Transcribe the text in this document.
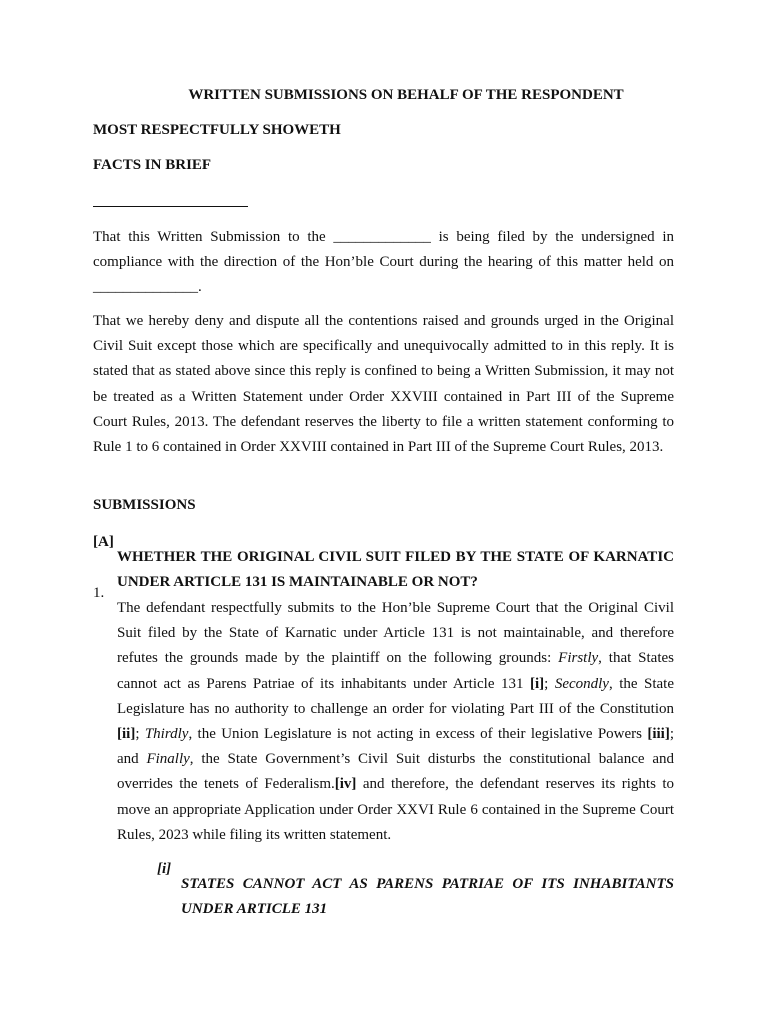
WRITTEN SUBMISSIONS ON BEHALF OF THE RESPONDENT
MOST RESPECTFULLY SHOWETH
FACTS IN BRIEF

That this Written Submission to the _____________ is being filed by the undersigned in compliance with the direction of the Hon’ble Court during the hearing of this matter held on ______________.

That we hereby deny and dispute all the contentions raised and grounds urged in the Original Civil Suit except those which are specifically and unequivocally admitted to in this reply. It is stated that as stated above since this reply is confined to being a Written Submission, it may not be treated as a Written Statement under Order XXVIII contained in Part III of the Supreme Court Rules, 2013. The defendant reserves the liberty to file a written statement conforming to Rule 1 to 6 contained in Order XXVIII contained in Part III of the Supreme Court Rules, 2013.

SUBMISSIONS
[A]

WHETHER THE ORIGINAL CIVIL SUIT FILED BY THE STATE OF KARNATIC UNDER ARTICLE 131 IS MAINTAINABLE OR NOT?

1.

The defendant respectfully submits to the Hon’ble Supreme Court that the Original Civil Suit filed by the State of Karnatic under Article 131 is not maintainable, and therefore refutes the grounds made by the plaintiff on the following grounds: Firstly, that States cannot act as Parens Patriae of its inhabitants under Article 131 [i]; Secondly, the State Legislature has no authority to challenge an order for violating Part III of the Constitution [ii]; Thirdly, the Union Legislature is not acting in excess of their legislative Powers [iii]; and Finally, the State Government’s Civil Suit disturbs the constitutional balance and overrides the tenets of Federalism.[iv] and therefore, the defendant reserves its rights to move an appropriate Application under Order XXVI Rule 6 contained in the Supreme Court Rules, 2023 while filing its written statement.

[i]

STATES CANNOT ACT AS PARENS PATRIAE OF ITS INHABITANTS UNDER ARTICLE 131
